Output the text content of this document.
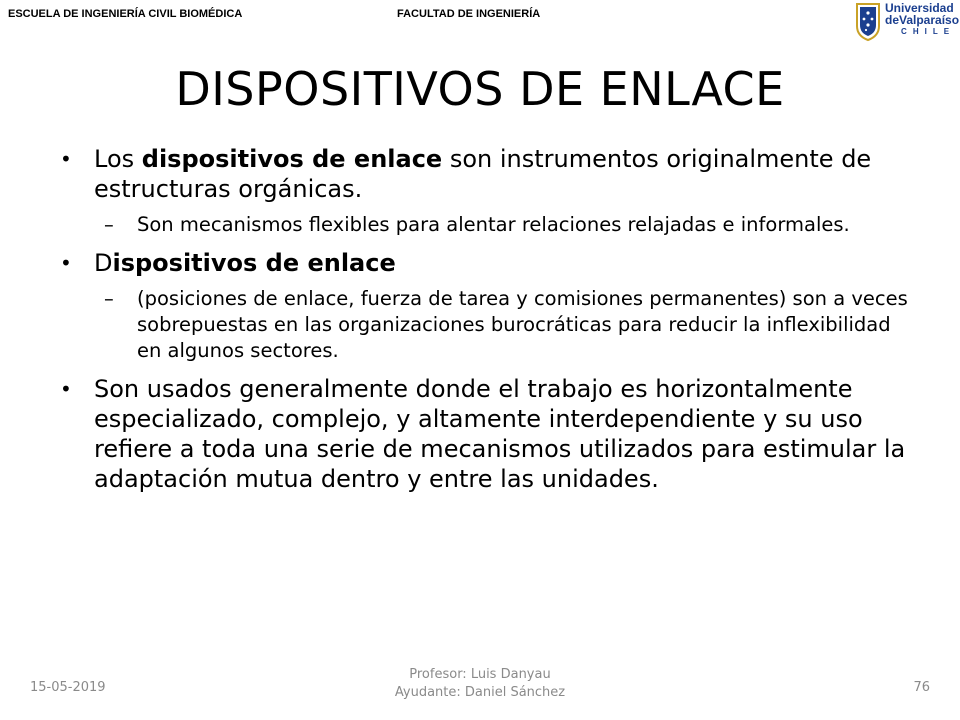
ESCUELA DE INGENIERÍA CIVIL BIOMÉDICA	FACULTAD DE INGENIERÍA	Universidad
deValparaíso
CHILE
DISPOSITIVOS DE ENLACE
• Los dispositivos de enlace son instrumentos originalmente de estructuras orgánicas.
– Son mecanismos flexibles para alentar relaciones relajadas e informales.
• Dispositivos de enlace
– (posiciones de enlace, fuerza de tarea y comisiones permanentes) son a veces sobrepuestas en las organizaciones burocráticas para reducir la inflexibilidad en algunos sectores.
• Son usados generalmente donde el trabajo es horizontalmente especializado, complejo, y altamente interdependiente y su uso refiere a toda una serie de mecanismos utilizados para estimular la adaptación mutua dentro y entre las unidades.
15-05-2019
Profesor: Luis Danyau
Ayudante: Daniel Sánchez	76
